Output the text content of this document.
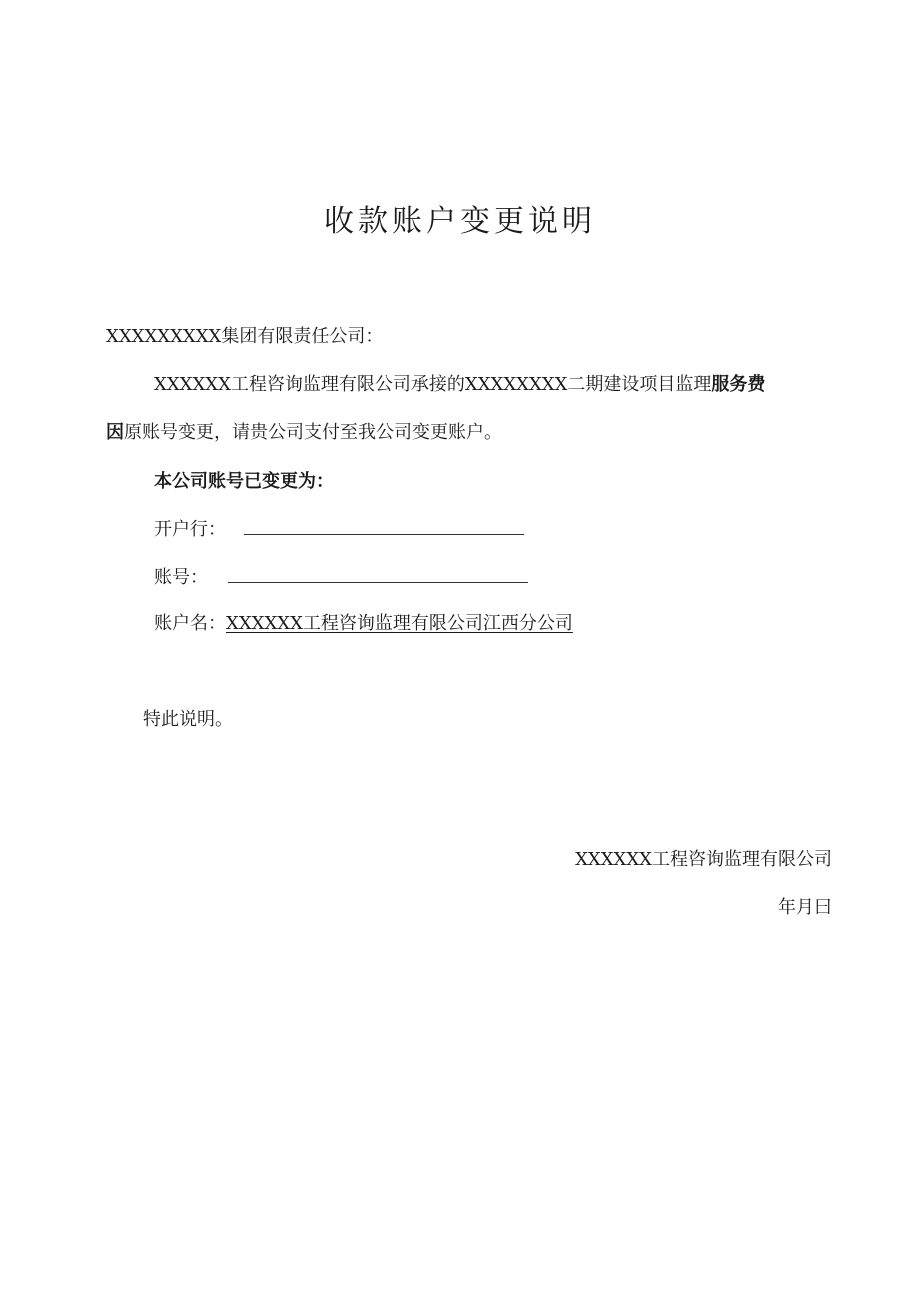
收款账户变更说明
XXXXXXXXX集团有限责任公司：
XXXXXX工程咨询监理有限公司承接的XXXXXXXX二期建设项目监理服务费
因原账号变更，请贵公司支付至我公司变更账户。
本公司账号已变更为：
开户行：
账号：
账户名：XXXXXX工程咨询监理有限公司江西分公司
特此说明。
XXXXXX工程咨询监理有限公司
年月曰
